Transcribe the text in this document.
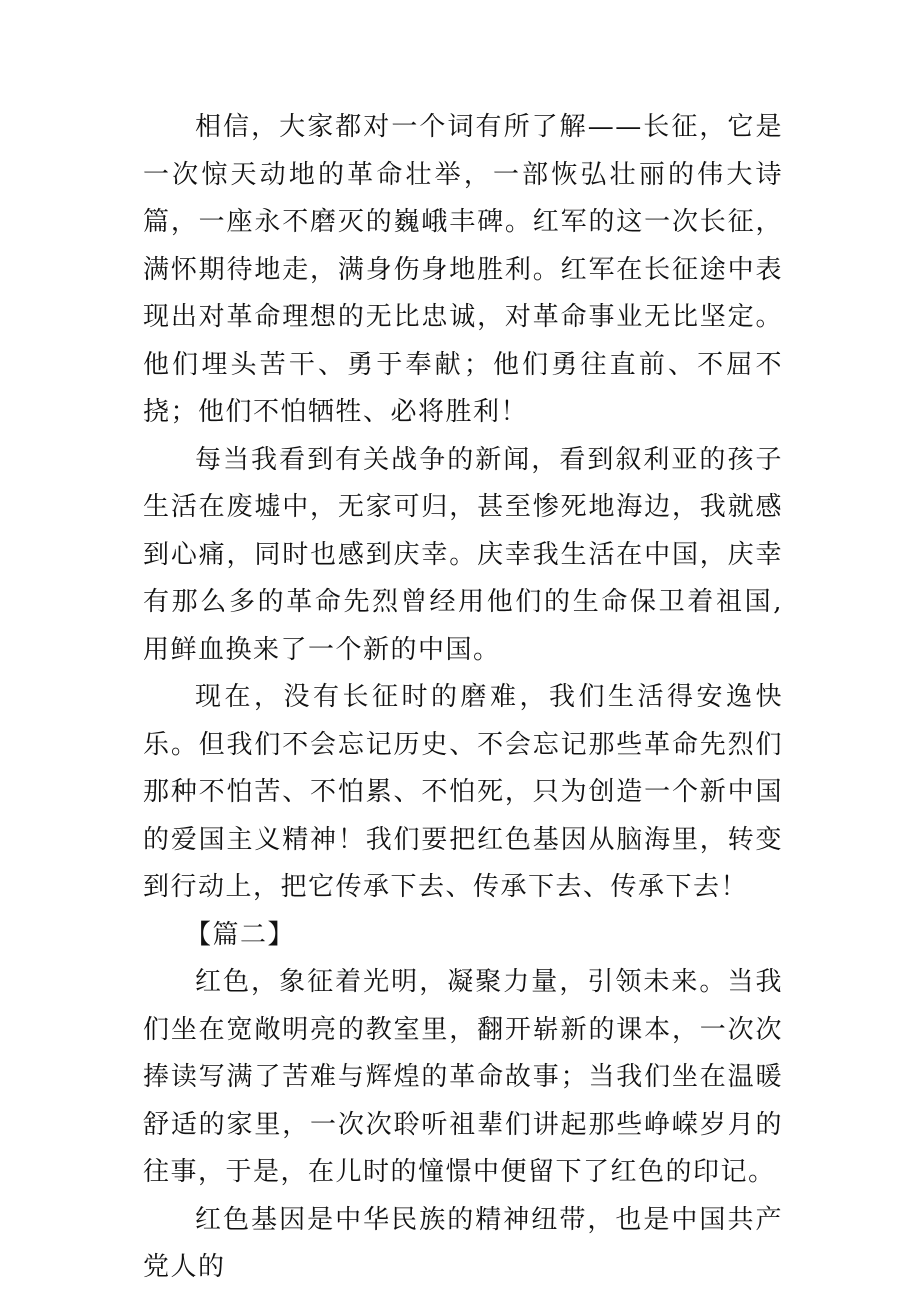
相信，大家都对一个词有所了解——长征，它是一次惊天动地的革命壮举，一部恢弘壮丽的伟大诗篇，一座永不磨灭的巍峨丰碑。红军的这一次长征，满怀期待地走，满身伤身地胜利。红军在长征途中表现出对革命理想的无比忠诚，对革命事业无比坚定。他们埋头苦干、勇于奉献；他们勇往直前、不屈不挠；他们不怕牺牲、必将胜利！

每当我看到有关战争的新闻，看到叙利亚的孩子生活在废墟中，无家可归，甚至惨死地海边，我就感到心痛，同时也感到庆幸。庆幸我生活在中国，庆幸有那么多的革命先烈曾经用他们的生命保卫着祖国,用鲜血换来了一个新的中国。

现在，没有长征时的磨难，我们生活得安逸快乐。但我们不会忘记历史、不会忘记那些革命先烈们那种不怕苦、不怕累、不怕死，只为创造一个新中国的爱国主义精神！我们要把红色基因从脑海里，转变到行动上，把它传承下去、传承下去、传承下去！

【篇二】

红色，象征着光明，凝聚力量，引领未来。当我们坐在宽敞明亮的教室里，翻开崭新的课本，一次次捧读写满了苦难与辉煌的革命故事；当我们坐在温暖舒适的家里，一次次聆听祖辈们讲起那些峥嵘岁月的往事，于是，在儿时的憧憬中便留下了红色的印记。

红色基因是中华民族的精神纽带，也是中国共产党人的
